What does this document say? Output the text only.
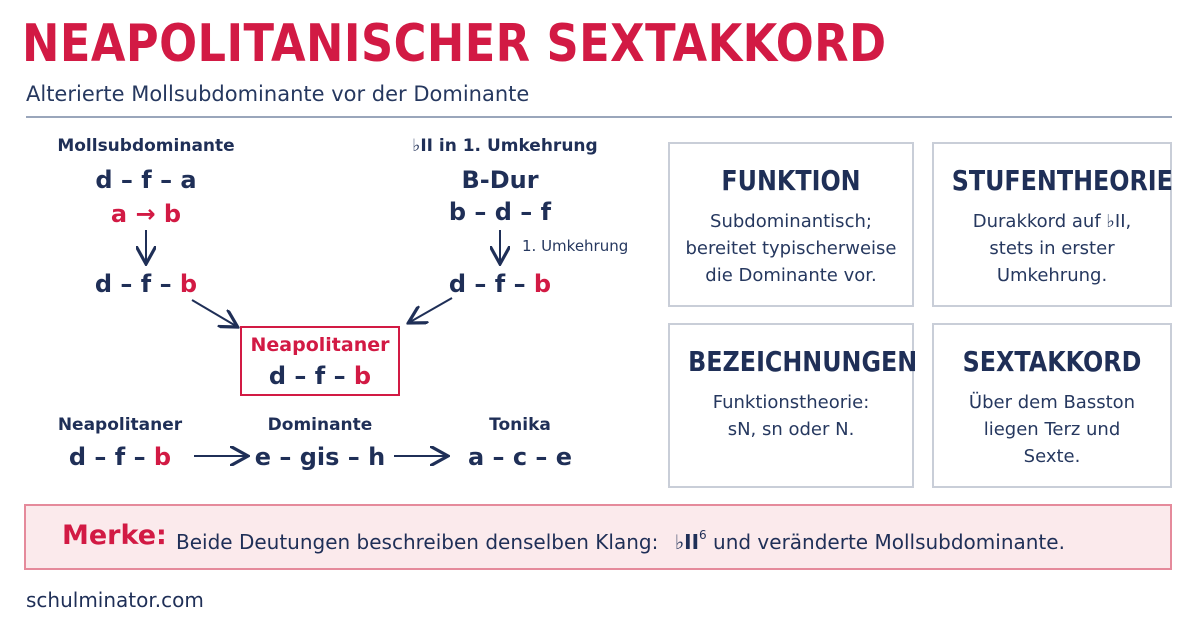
NEAPOLITANISCHER SEXTAKKORD
Alterierte Mollsubdominante vor der Dominante
Mollsubdominante
d – f – a
a → b
d – f – b
♭II in 1. Umkehrung
B-Dur
b – d – f
1. Umkehrung
d – f – b
Neapolitaner
d – f – b
Neapolitaner
d – f – b
Dominante
e – gis – h
Tonika
a – c – e
FUNKTION

Subdominantisch;
bereitet typischerweise
die Dominante vor.

STUFENTHEORIE

Durakkord auf ♭II,
stets in erster
Umkehrung.

BEZEICHNUNGEN

Funktionstheorie:
sN, sn oder N.

SEXTAKKORD

Über dem Basston
liegen Terz und
Sexte.

Merke: Beide Deutungen beschreiben denselben Klang: $♭II^6$ und veränderte Mollsubdominante.
schulminator.com
